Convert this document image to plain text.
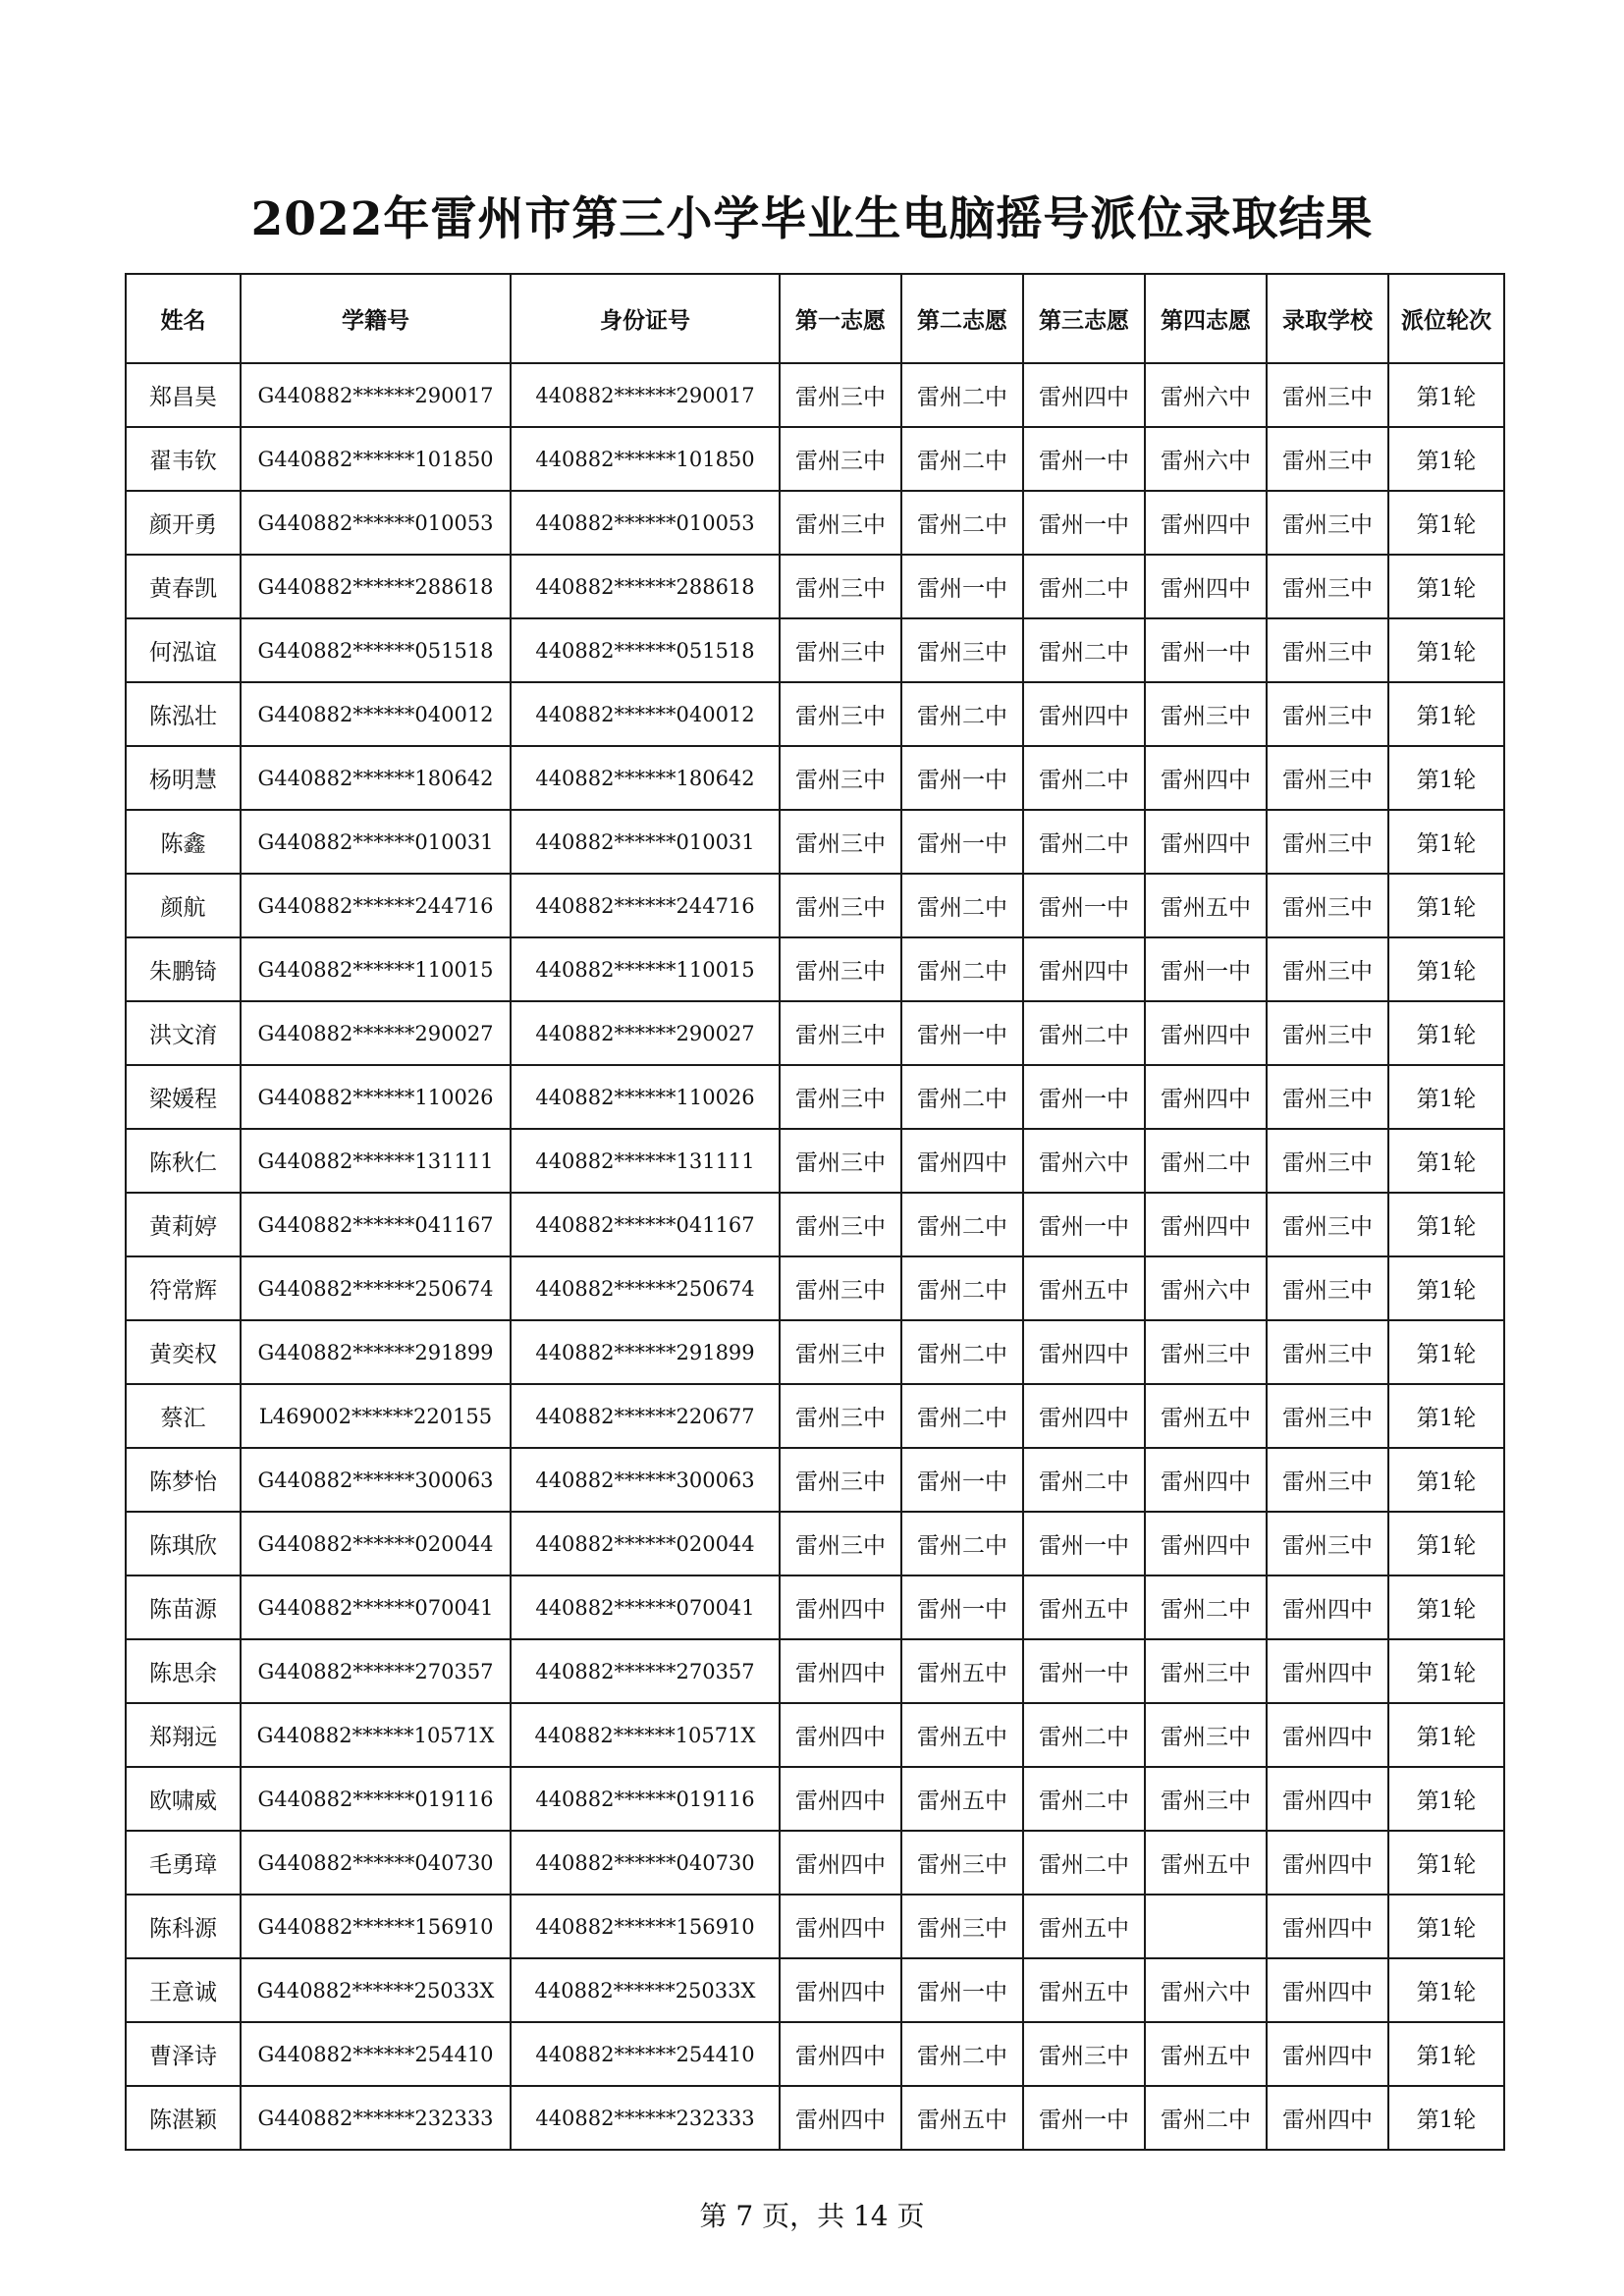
2022年雷州市第三小学毕业生电脑摇号派位录取结果
姓名	学籍号	身份证号	第一志愿	第二志愿	第三志愿	第四志愿	录取学校	派位轮次
郑昌昊	G440882******290017	440882******290017	雷州三中	雷州二中	雷州四中	雷州六中	雷州三中	第1轮
翟韦钦	G440882******101850	440882******101850	雷州三中	雷州二中	雷州一中	雷州六中	雷州三中	第1轮
颜开勇	G440882******010053	440882******010053	雷州三中	雷州二中	雷州一中	雷州四中	雷州三中	第1轮
黄春凯	G440882******288618	440882******288618	雷州三中	雷州一中	雷州二中	雷州四中	雷州三中	第1轮
何泓谊	G440882******051518	440882******051518	雷州三中	雷州三中	雷州二中	雷州一中	雷州三中	第1轮
陈泓壮	G440882******040012	440882******040012	雷州三中	雷州二中	雷州四中	雷州三中	雷州三中	第1轮
杨明慧	G440882******180642	440882******180642	雷州三中	雷州一中	雷州二中	雷州四中	雷州三中	第1轮
陈鑫	G440882******010031	440882******010031	雷州三中	雷州一中	雷州二中	雷州四中	雷州三中	第1轮
颜航	G440882******244716	440882******244716	雷州三中	雷州二中	雷州一中	雷州五中	雷州三中	第1轮
朱鹏锜	G440882******110015	440882******110015	雷州三中	雷州二中	雷州四中	雷州一中	雷州三中	第1轮
洪文淯	G440882******290027	440882******290027	雷州三中	雷州一中	雷州二中	雷州四中	雷州三中	第1轮
梁媛程	G440882******110026	440882******110026	雷州三中	雷州二中	雷州一中	雷州四中	雷州三中	第1轮
陈秋仁	G440882******131111	440882******131111	雷州三中	雷州四中	雷州六中	雷州二中	雷州三中	第1轮
黄莉婷	G440882******041167	440882******041167	雷州三中	雷州二中	雷州一中	雷州四中	雷州三中	第1轮
符常辉	G440882******250674	440882******250674	雷州三中	雷州二中	雷州五中	雷州六中	雷州三中	第1轮
黄奕权	G440882******291899	440882******291899	雷州三中	雷州二中	雷州四中	雷州三中	雷州三中	第1轮
蔡汇	L469002******220155	440882******220677	雷州三中	雷州二中	雷州四中	雷州五中	雷州三中	第1轮
陈梦怡	G440882******300063	440882******300063	雷州三中	雷州一中	雷州二中	雷州四中	雷州三中	第1轮
陈琪欣	G440882******020044	440882******020044	雷州三中	雷州二中	雷州一中	雷州四中	雷州三中	第1轮
陈苗源	G440882******070041	440882******070041	雷州四中	雷州一中	雷州五中	雷州二中	雷州四中	第1轮
陈思余	G440882******270357	440882******270357	雷州四中	雷州五中	雷州一中	雷州三中	雷州四中	第1轮
郑翔远	G440882******10571X	440882******10571X	雷州四中	雷州五中	雷州二中	雷州三中	雷州四中	第1轮
欧啸威	G440882******019116	440882******019116	雷州四中	雷州五中	雷州二中	雷州三中	雷州四中	第1轮
毛勇璋	G440882******040730	440882******040730	雷州四中	雷州三中	雷州二中	雷州五中	雷州四中	第1轮
陈科源	G440882******156910	440882******156910	雷州四中	雷州三中	雷州五中		雷州四中	第1轮
王意诚	G440882******25033X	440882******25033X	雷州四中	雷州一中	雷州五中	雷州六中	雷州四中	第1轮
曹泽诗	G440882******254410	440882******254410	雷州四中	雷州二中	雷州三中	雷州五中	雷州四中	第1轮
陈湛颖	G440882******232333	440882******232333	雷州四中	雷州五中	雷州一中	雷州二中	雷州四中	第1轮
第 7 页，共 14 页
